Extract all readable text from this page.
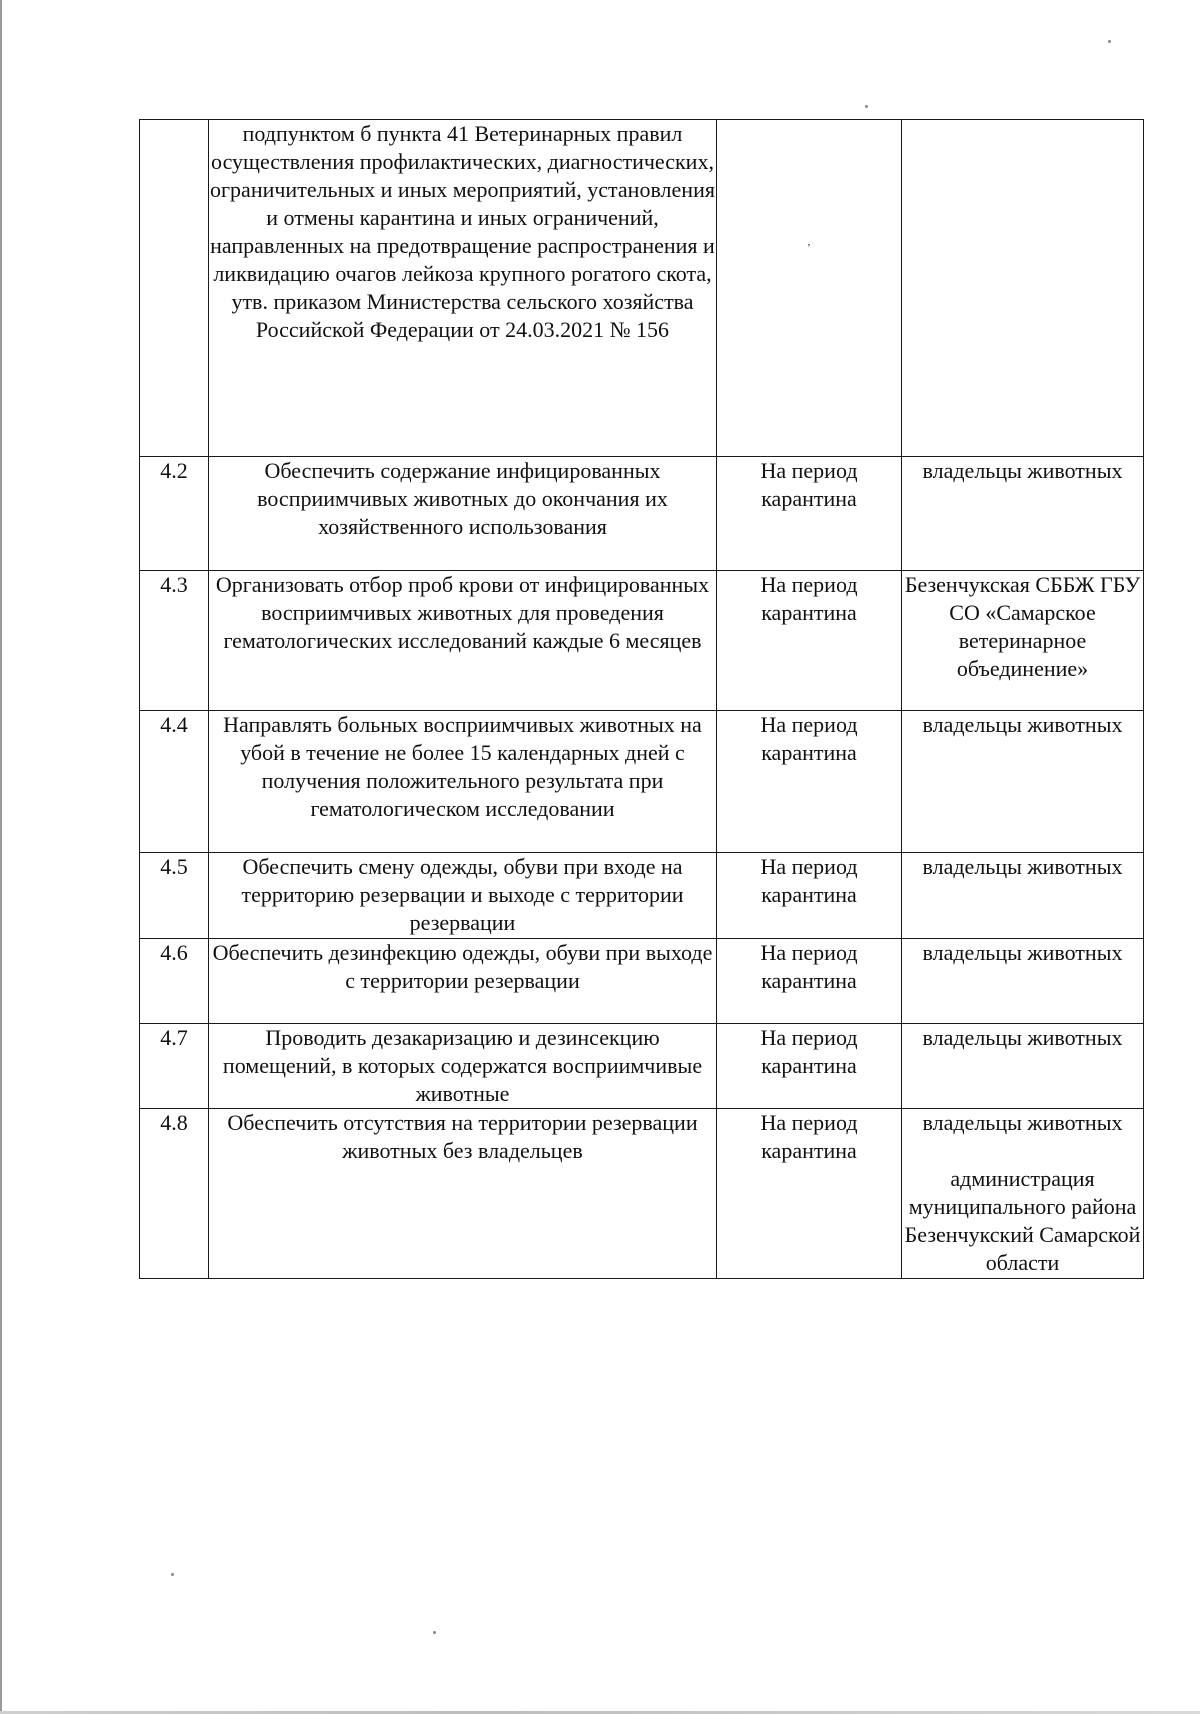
	подпунктом б пункта 41 Ветеринарных правил осуществления профилактических, диагностических, ограничительных и иных мероприятий, установления и отмены карантина и иных ограничений, направленных на предотвращение распространения и ликвидацию очагов лейкоза крупного рогатого скота, утв. приказом Министерства сельского хозяйства Российской Федерации от 24.03.2021 № 156	,	

4.2	Обеспечить содержание инфицированных восприимчивых животных до окончания их хозяйственного использования	На период карантина	владельцы животных
4.3	Организовать отбор проб крови от инфицированных восприимчивых животных для проведения гематологических исследований каждые 6 месяцев	На период карантина	Безенчукская СББЖ ГБУ СО «Самарское ветеринарное объединение»
4.4	Направлять больных восприимчивых животных на убой в течение не более 15 календарных дней с получения положительного результата при гематологическом исследовании	На период карантина	владельцы животных
4.5	Обеспечить смену одежды, обуви при входе на территорию резервации и выходе с территории резервации	На период карантина	владельцы животных
4.6	Обеспечить дезинфекцию одежды, обуви при выходе с территории резервации	На период карантина	владельцы животных
4.7	Проводить дезакаризацию и дезинсекцию помещений, в которых содержатся восприимчивые животные	На период карантина	владельцы животных
4.8	Обеспечить отсутствия на территории резервации животных без владельцев	На период карантина	владельцы животных
администрация муниципального района Безенчукский Самарской области
